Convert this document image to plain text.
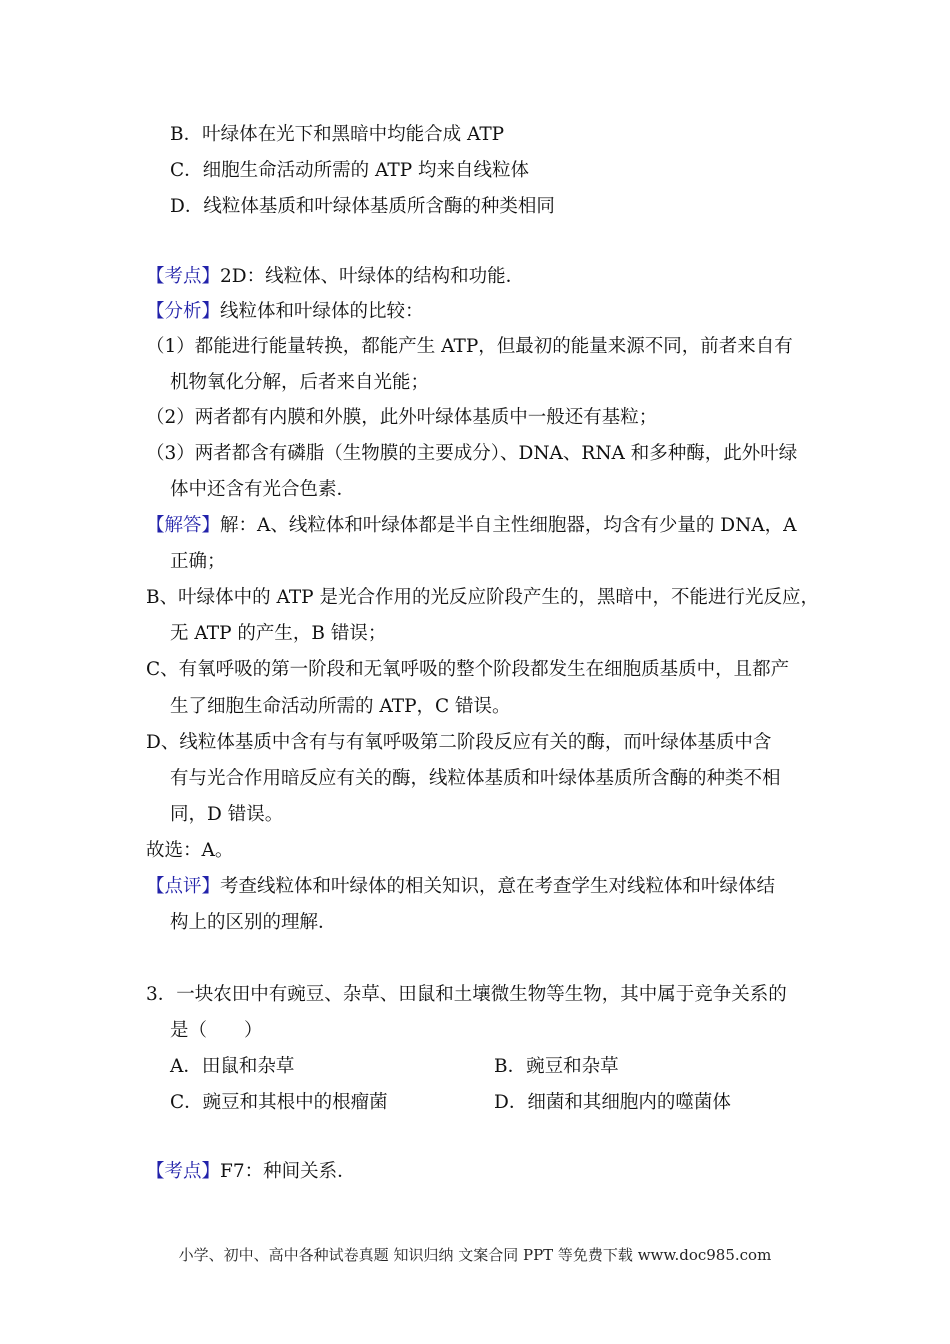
B．叶绿体在光下和黑暗中均能合成 ATP
C．细胞生命活动所需的 ATP 均来自线粒体
D．线粒体基质和叶绿体基质所含酶的种类相同
【考点】2D：线粒体、叶绿体的结构和功能．
【分析】线粒体和叶绿体的比较：
（1）都能进行能量转换，都能产生 ATP，但最初的能量来源不同，前者来自有
机物氧化分解，后者来自光能；
（2）两者都有内膜和外膜，此外叶绿体基质中一般还有基粒；
（3）两者都含有磷脂（生物膜的主要成分）、DNA、RNA 和多种酶，此外叶绿
体中还含有光合色素．
【解答】解：A、线粒体和叶绿体都是半自主性细胞器，均含有少量的 DNA，A
正确；
B、叶绿体中的 ATP 是光合作用的光反应阶段产生的，黑暗中，不能进行光反应，
无 ATP 的产生，B 错误；
C、有氧呼吸的第一阶段和无氧呼吸的整个阶段都发生在细胞质基质中，且都产
生了细胞生命活动所需的 ATP，C 错误。
D、线粒体基质中含有与有氧呼吸第二阶段反应有关的酶，而叶绿体基质中含
有与光合作用暗反应有关的酶，线粒体基质和叶绿体基质所含酶的种类不相
同，D 错误。
故选：A。
【点评】考查线粒体和叶绿体的相关知识，意在考查学生对线粒体和叶绿体结
构上的区别的理解．
3．一块农田中有豌豆、杂草、田鼠和土壤微生物等生物，其中属于竞争关系的
是（　　）
A．田鼠和杂草	B．豌豆和杂草
C．豌豆和其根中的根瘤菌	D．细菌和其细胞内的噬菌体
【考点】F7：种间关系．
小学、初中、高中各种试卷真题 知识归纳 文案合同 PPT 等免费下载 www.doc985.com
